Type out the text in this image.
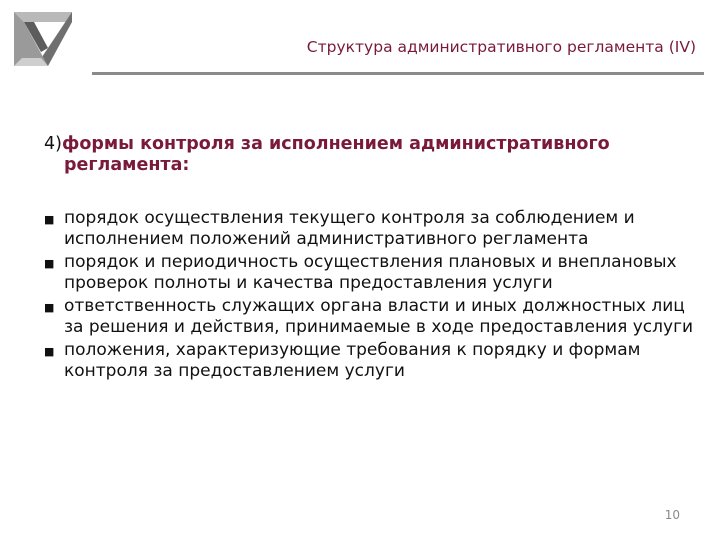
Структура административного регламента (IV)
4)формы контроля за исполнением административного регламента:
■ порядок осуществления текущего контроля за соблюдением и исполнением положений административного регламента
■ порядок и периодичность осуществления плановых и внеплановых проверок полноты и качества предоставления услуги
■ ответственность служащих органа власти и иных должностных лиц за решения и действия, принимаемые в ходе предоставления услуги
■ положения, характеризующие требования к порядку и формам контроля за предоставлением услуги
10
